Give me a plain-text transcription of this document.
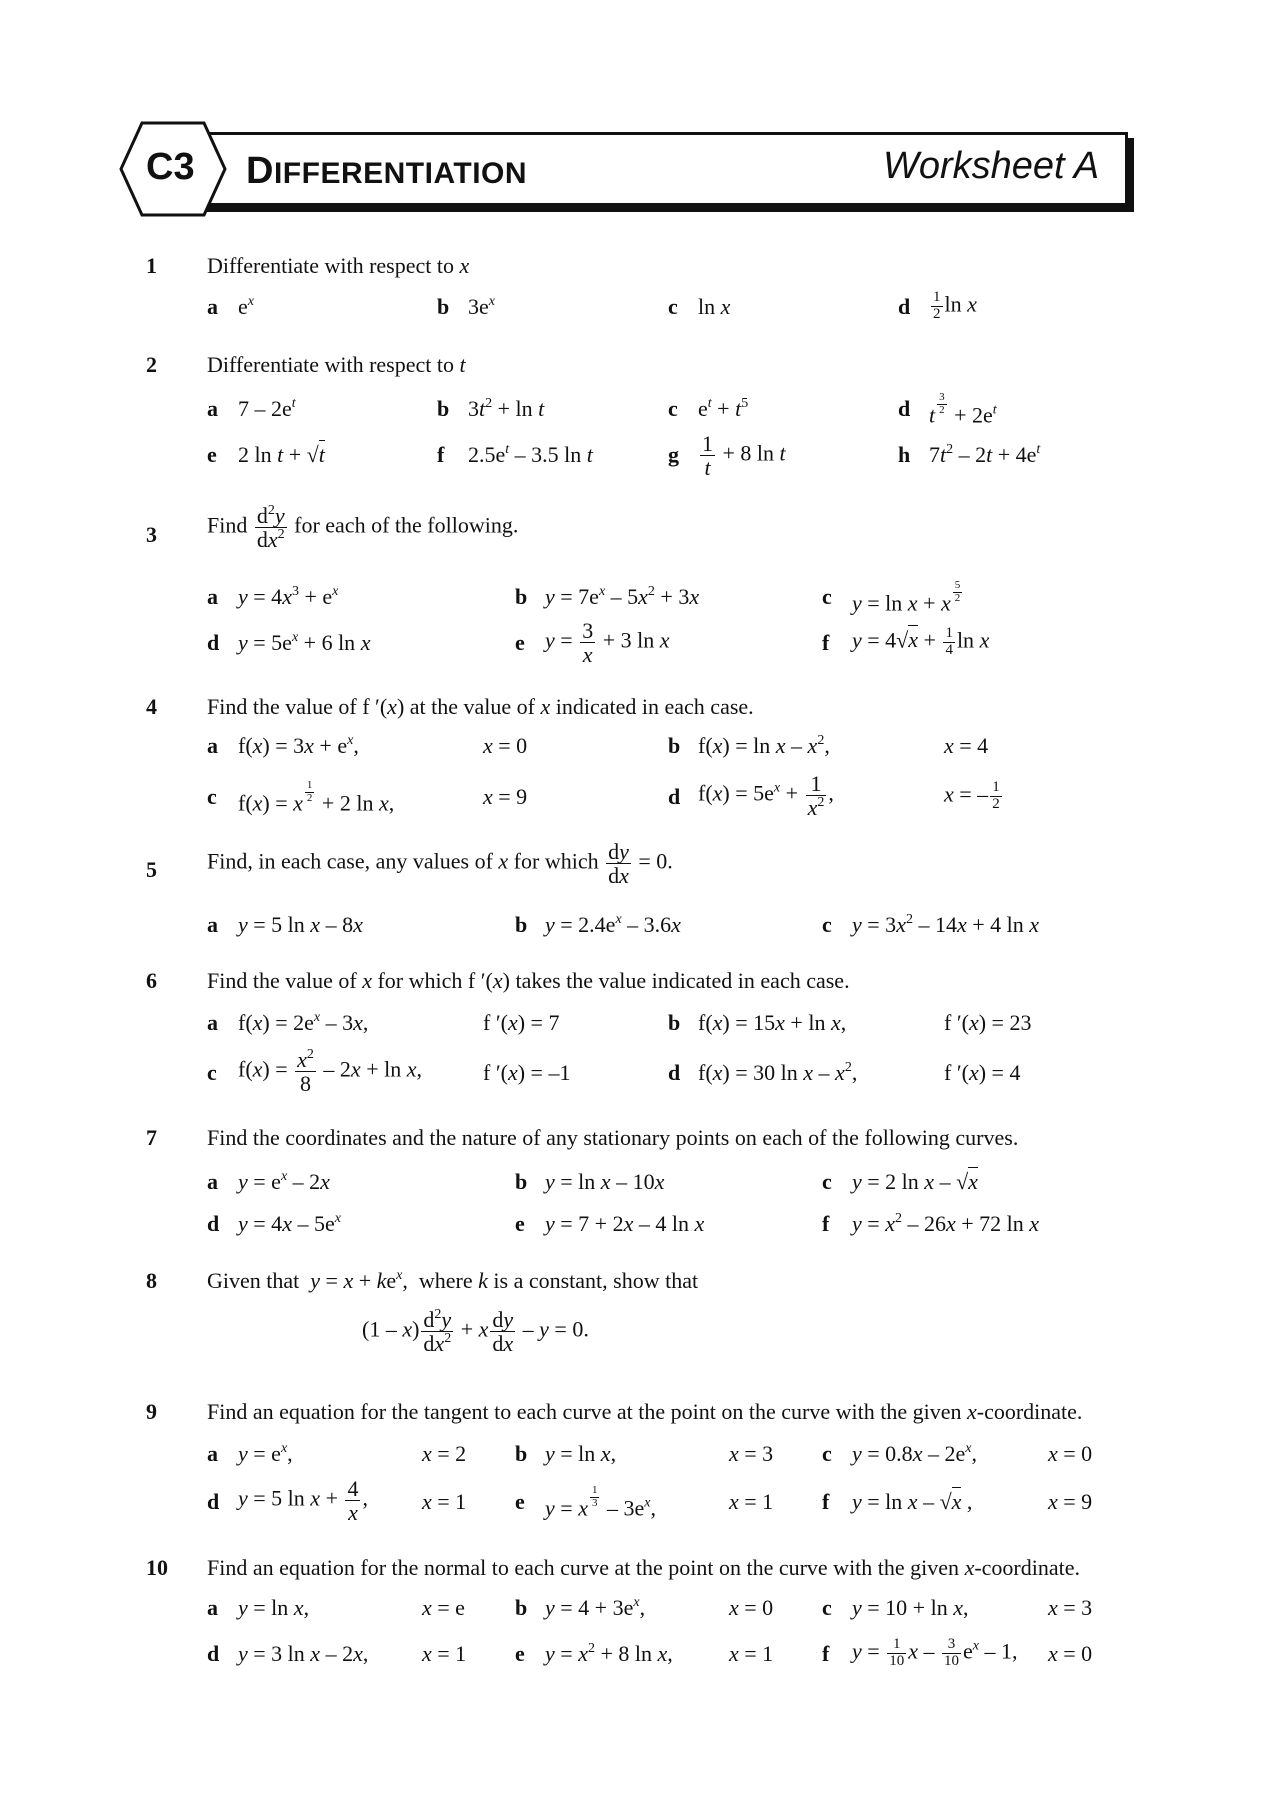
C3 DIFFERENTIATION	Worksheet A
1 Differentiate with respect to x
a $e^x$	b $3e^x$	c ln x	d $\frac{1}{2}$ ln x
2 Differentiate with respect to t
a $7 - 2e^t$	b $3t^2 + \ln t$	c $e^t + t^5$	d t $\frac{3}{2} + 2e^t$
e 2 ln t + √t	f $2.5e^t - 3.5$ ln t	g $\frac{1}{t} + 8$ ln t	h $7t^2 - 2t + 4e^t$
3 Find $\frac{d^2y}{dx^2}$ for each of the following.
a $y = 4x^3 + e^x$	b $y = 7e^x - 5x^2 + 3x$	c y = ln x + x $\frac{5}{2}$
d $y = 5e^x + 6$ ln x	e $y = \frac{3}{x} + 3$ ln x	f $y = 4√x + \frac{1}{4}$ ln x
4 Find the value of f ′(x) at the value of x indicated in each case.
a $f(x) = 3x + e^x$,	x = 0	b $f(x) = \ln x - x^2$,	x = 4
c f(x) = x $\frac{1}{2} + 2$ ln x,	x = 9	d $f(x) = 5e^x + \frac{1}{x^2}$ ,	x = – $\frac{1}{2}$
5 Find, in each case, any values of x for which $\frac{dy}{dx} = 0$.
a y = 5 ln x – 8x	b $y = 2.4e^x - 3.6x$	c $y = 3x^2 - 14x + 4$ ln x
6 Find the value of x for which f ′(x) takes the value indicated in each case.
a $f(x) = 2e^x - 3x$,	f ′(x) = 7	b f(x) = 15x + ln x,	f ′(x) = 23
c $f(x) = \frac{x^2}{8} - 2x + \ln x$,	f ′(x) = –1	d f(x) = 30 ln x – $x^2$,	f ′(x) = 4
7 Find the coordinates and the nature of any stationary points on each of the following curves.
a $y = e^x - 2x$	b y = ln x – 10x	c y = 2 ln x – √x
d $y = 4x - 5e^x$	e y = 7 + 2x – 4 ln x	f $y = x^2 - 26x + 72$ ln x
8 Given that $y = x + ke^x$,  where k is a constant, show that
$(1 - x) \frac{d^2y}{dx^2} + x \frac{dy}{dx} - y = 0$.
9 Find an equation for the tangent to each curve at the point on the curve with the given x-coordinate.
a $y = e^x$,	x = 2 b y = ln x,	x = 3 c $y = 0.8x - 2e^x$,	x = 0
d y = 5 $\ln x + \frac{4}{x}$ , x = 1 e y = x $\frac{1}{3} - 3e^x$,	x = 1 f y = ln x – √x ,	x = 9
10 Find an equation for the normal to each curve at the point on the curve with the given x-coordinate.
a y = ln x,	x = e b $y = 4 + 3e^x$,	x = 0 c y = 10 + ln x,	x = 3
d y = 3 ln x – 2x, x = 1 e $y = x^2 + 8$ ln x,	x = 1 f $y = \frac{1}{10}$ x – $\frac{3}{10} e^x - 1$, x = 0
